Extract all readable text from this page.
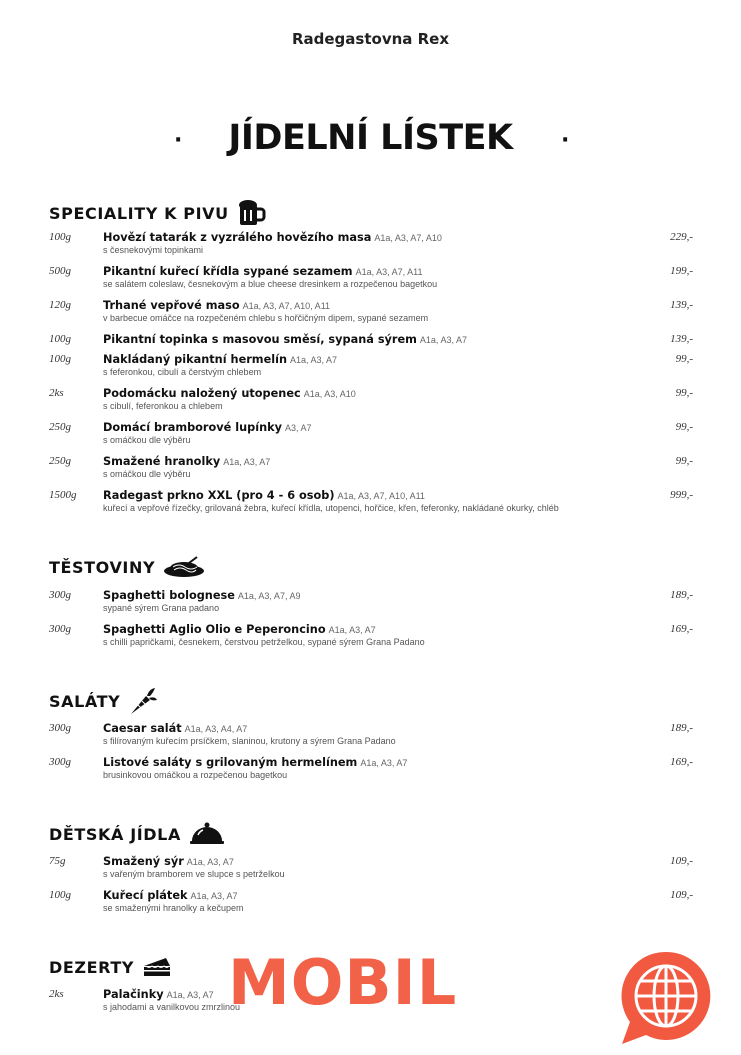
Radegastovna Rex
·	JÍDELNÍ LÍSTEK	·
SPECIALITY K PIVU
100g	Hovězí tatarák z vyzrálého hovězího masa A1a, A3, A7, A10
s česnekovými topinkami
229,-
500g	Pikantní kuřecí křídla sypané sezamem A1a, A3, A7, A11
se salátem coleslaw, česnekovým a blue cheese dresinkem a rozpečenou bagetkou
199,-
120g	Trhané vepřové maso A1a, A3, A7, A10, A11
v barbecue omáčce na rozpečeném chlebu s hořčičným dipem, sypané sezamem
139,-
100g	Pikantní topinka s masovou směsí, sypaná sýrem A1a, A3, A7	139,-
100g	Nakládaný pikantní hermelín A1a, A3, A7
s feferonkou, cibulí a čerstvým chlebem
99,-
2ks	Podomácku naložený utopenec A1a, A3, A10
s cibulí, feferonkou a chlebem
99,-
250g	Domácí bramborové lupínky A3, A7
s omáčkou dle výběru
99,-
250g	Smažené hranolky A1a, A3, A7
s omáčkou dle výběru
99,-
1500g Radegast prkno XXL (pro 4 - 6 osob) A1a, A3, A7, A10, A11
kuřecí a vepřové řízečky, grilovaná žebra, kuřecí křídla, utopenci, hořčice, křen, feferonky, nakládané okurky, chléb
999,-
TĚSTOVINY
300g	Spaghetti bolognese A1a, A3, A7, A9
sypané sýrem Grana padano
189,-
300g	Spaghetti Aglio Olio e Peperoncino A1a, A3, A7
s chilli papričkami, česnekem, čerstvou petrželkou, sypané sýrem Grana Padano
169,-
SALÁTY
300g	Caesar salát A1a, A3, A4, A7
s filírovaným kuřecím prsíčkem, slaninou, krutony a sýrem Grana Padano
189,-
300g	Listové saláty s grilovaným hermelínem A1a, A3, A7
brusinkovou omáčkou a rozpečenou bagetkou
169,-
DĚTSKÁ JÍDLA
75g	Smažený sýr A1a, A3, A7
s vařeným bramborem ve slupce s petrželkou
109,-
100g	Kuřecí plátek A1a, A3, A7
se smaženými hranolky a kečupem
109,-
DEZERTY
2ks	Palačinky A1a, A3, A7
s jahodami a vanilkovou zmrzlinou
MOBIL
